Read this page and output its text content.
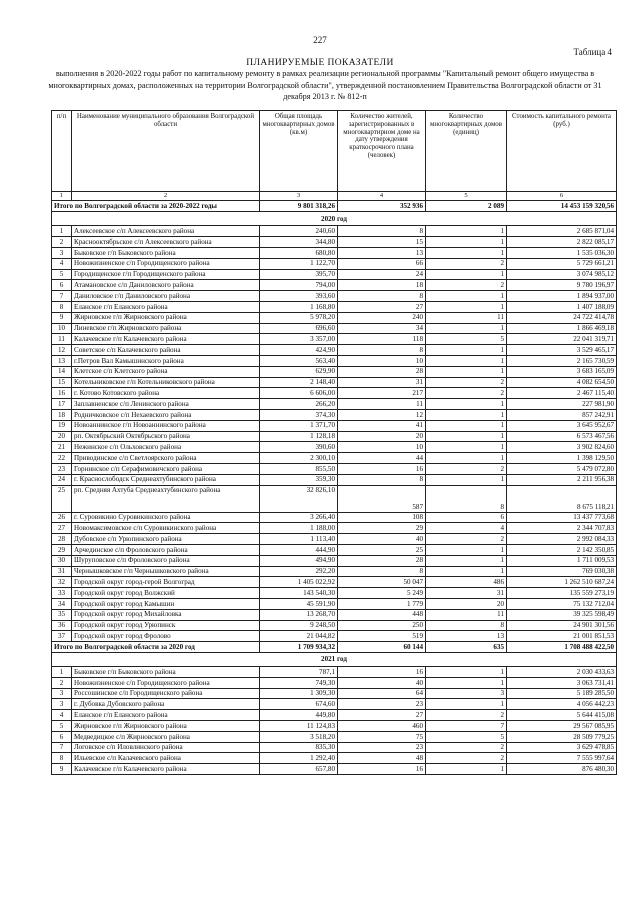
227
Таблица 4
ПЛАНИРУЕМЫЕ ПОКАЗАТЕЛИ
выполнения в 2020-2022 годы работ по капитальному ремонту в рамках реализации региональной программы "Капитальный ремонт общего имущества в многоквартирных домах, расположенных на территории Волгоградской области", утвержденной постановлением Правительства Волгоградской области от 31 декабря 2013 г. № 812-п
п/п	Наименование муниципального образования Волгоградской области	Общая площадь многоквартирных домов (кв.м)	Количество жителей, зарегистрированных в многоквартирном доме на дату утверждения краткосрочного плана (человек)	Количество многоквартирных домов (единиц)	Стоимость капитального ремонта (руб.)
1	2	3	4	5	6
Итого по Волгоградской области за 2020-2022 годы		9 801 318,26	352 936	2 089	14 453 159 320,56
2020 год					
1	Алексеевское с/п Алексеевского района	240,60	8	1	2 685 871,04
2	Краснооктябрьское с/п Алексеевского района	344,80	15	1	2 822 085,17
3	Быковское г/п Быковского района	680,80	13	1	1 535 036,30
4	Новожизненское с/п Городищенского района	1 122,70	66	2	5 729 661,21
5	Городищенское г/п Городищенского района	395,70	24	1	3 074 985,12
6	Атамановское с/п Даниловского района	794,00	18	2	9 780 196,97
7	Даниловское г/п Даниловского района	393,60	8	1	1 894 937,00
8	Еланское г/п Еланского района	1 168,80	27	1	1 407 188,09
9	Жирновское г/п Жирновского района	5 978,20	240	11	24 722 414,78
10	Линевское г/п Жирновского района	696,60	34	1	1 866 469,18
11	Калачевское г/п Калачевского района	3 357,00	118	5	22 041 319,71
12	Советское с/п Калачевского района	424,90	8	1	3 529 465,17
13	г.Петров Вал Камышинского района	563,40	10	1	2 165 730,59
14	Клетское с/п Клетского района	629,90	28	1	3 683 165,09
15	Котельниковское г/п Котельниковского района	2 148,40	31	2	4 082 654,50
16	г. Котово Котовского района	6 606,00	217	2	2 467 115,40
17	Заплавненское с/п Ленинского района	266,20	11	1	227 981,90
18	Родничковское с/п Нехаевского района	374,30	12	1	857 242,91
19	Новоаннинское г/п Новоаннинского района	1 371,70	41	1	3 645 952,67
20	рп. Октябрьский Октябрьского района	1 128,18	20	1	6 573 467,56
21	Нежинское с/п Ольховского района	390,60	10	1	3 902 824,60
22	Приводинское с/п Светлоярского района	2 300,10	44	1	1 398 129,50
23	Горнинское с/п Серафимовичского района	855,50	16	2	5 479 072,80
24	г. Краснослободск Среднеахтубинского района	359,30	8	1	2 211 956,38
25	рп. Средняя Ахтуба Среднеахтубинского района	32 826,10	587	8	8 675 118,21
26	г. Суровикино Суровикинского района	3 266,40	108	6	13 437 773,68
27	Новомаксимовское с/п Суровикинского района	1 188,00	29	4	2 344 707,83
28	Дубовское с/п Урюпинского района	1 113,40	40	2	2 992 084,33
29	Арчединское с/п Фроловского района	444,90	25	1	2 142 350,85
30	Шуруповское с/п Фроловского района	494,90	28	1	1 711 009,53
31	Чернышковское г/п Чернышковского района	292,20	8	1	769 030,38
32	Городской округ город-герой Волгоград	1 405 022,92	50 047	486	1 262 510 687,24
33	Городской округ город Волжский	143 540,30	5 249	31	135 559 273,19
34	Городской округ город Камышин	45 591,90	1 779	20	75 132 712,04
35	Городской округ город Михайловка	13 268,70	448	11	39 325 598,49
36	Городской округ город Урюпинск	9 248,50	250	8	24 901 301,56
37	Городской округ город Фролово	21 044,82	519	13	21 001 851,53
Итого по Волгоградской области за 2020 год		1 709 934,32	60 144	635	1 708 488 422,50
2021 год					
1	Быковское г/п Быковского района	787,1	16	1	2 030 433,63
2	Новожизненское с/п Городищенского района	749,30	40	1	3 063 731,41
3	Россошинское с/п Городищенского района	1 309,30	64	3	5 189 285,50
3	г. Дубовка Дубовского района	674,60	23	1	4 056 442,23
4	Еланское г/п Еланского района	449,80	27	2	5 644 415,08
5	Жирновское г/п Жирновского района	11 124,83	460	7	29 567 085,95
6	Медведицкое с/п Жирновского района	3 518,20	75	5	28 509 779,25
7	Логовское с/п Иловлинского района	835,30	23	2	3 629 478,85
8	Ильевское с/п Калачевского района	1 292,40	48	2	7 555 997,64
9	Калачевское г/п Калачевского района	657,80	16	1	876 480,30
